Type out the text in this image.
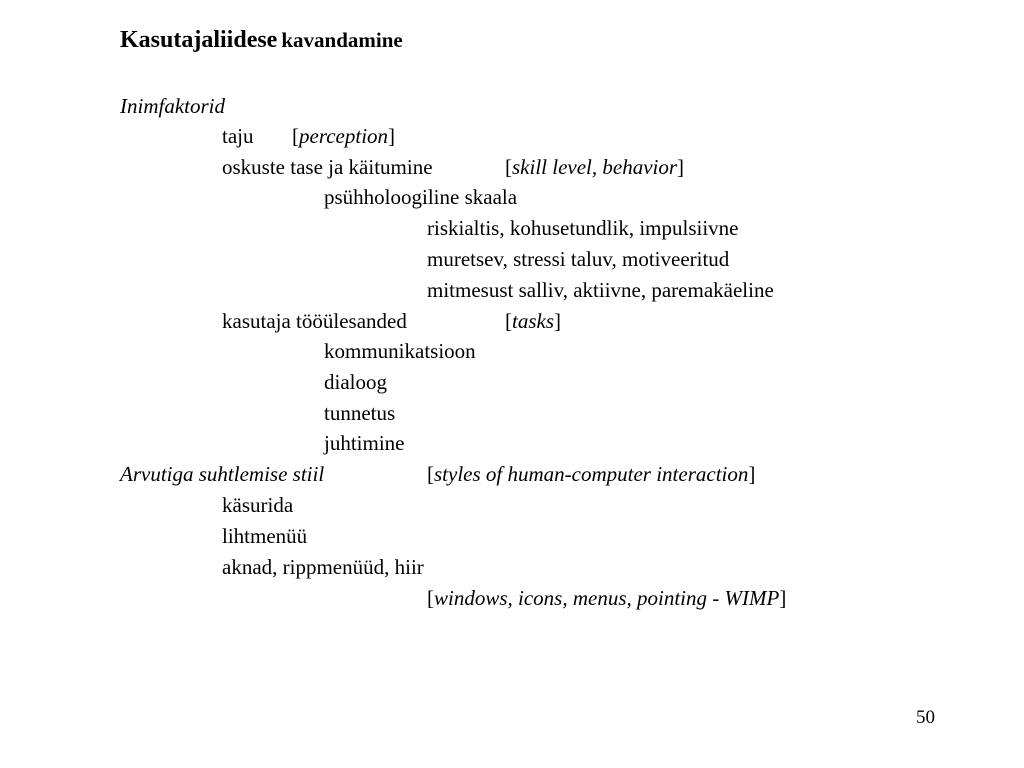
Kasutajaliidese kavandamine
Inimfaktorid
taju [perception]
oskuste tase ja käitumine	[skill level, behavior]
psühholoogiline skaala
riskialtis, kohusetundlik, impulsiivne
muretsev, stressi taluv, motiveeritud
mitmesust salliv, aktiivne, paremakäeline
kasutaja tööülesanded	[tasks]
kommunikatsioon
dialoog
tunnetus
juhtimine
Arvutiga suhtlemise stiil	[styles of human-computer interaction]
käsurida
lihtmenüü
aknad, rippmenüüd, hiir
[windows, icons, menus, pointing - WIMP]
50
